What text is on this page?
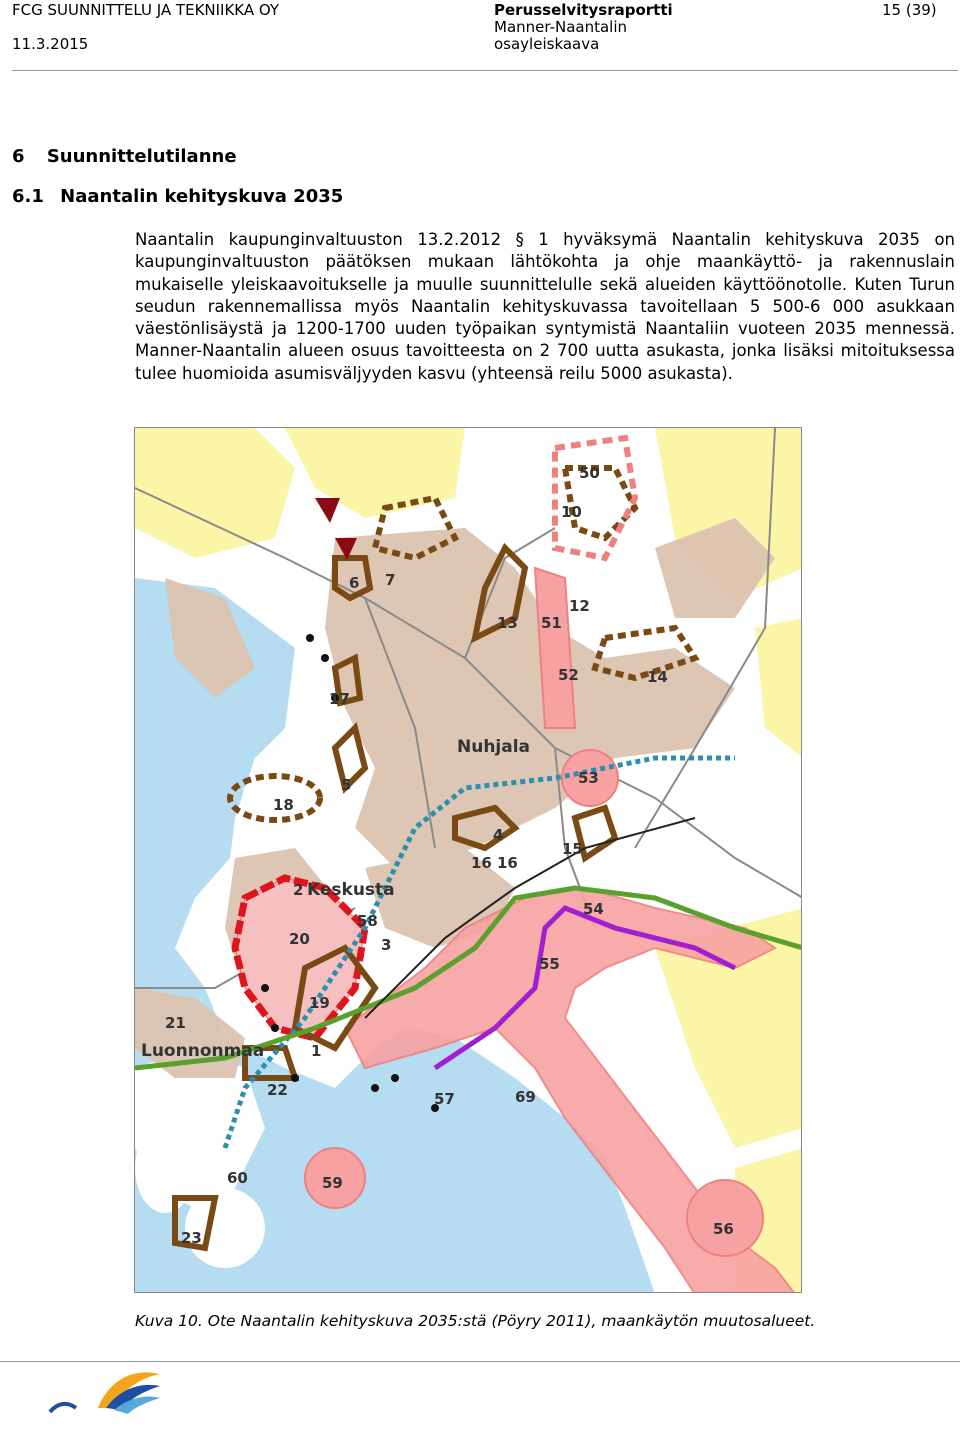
FCG SUUNNITTELU JA TEKNIIKKA OY
11.3.2015
Perusselvitysraportti
Manner-Naantalin
osayleiskaava
15 (39)
6 Suunnittelutilanne
6.1 Naantalin kehityskuva 2035
Naantalin kaupunginvaltuuston 13.2.2012 § 1 hyväksymä Naantalin kehityskuva 2035 on kaupunginvaltuuston päätöksen mukaan lähtökohta ja ohje maankäyttö- ja rakennuslain mukaiselle yleiskaavoitukselle ja muulle suunnittelulle sekä alueiden käyttöönotolle. Kuten Turun seudun rakennemallissa myös Naantalin kehityskuvassa tavoitellaan 5 500-6 000 asukkaan väestönlisäystä ja 1200-1700 uuden työpaikan syntymistä Naantaliin vuoteen 2035 mennessä. Manner-Naantalin alueen osuus tavoitteesta on 2 700 uutta asukasta, jonka lisäksi mitoituksessa tulee huomioida asumisväljyyden kasvu (yhteensä reilu 5000 asukasta).
Nuhjala
Keskusta
Luonnonmaa
50
10
6 7
13 51
12
52	14
17
53
5
18
4
15
16 16
54
2
58
20	3
55
21
19
1
22	57	69
60	59
23	56
Kuva 10. Ote Naantalin kehityskuva 2035:stä (Pöyry 2011), maankäytön muutosalueet.
